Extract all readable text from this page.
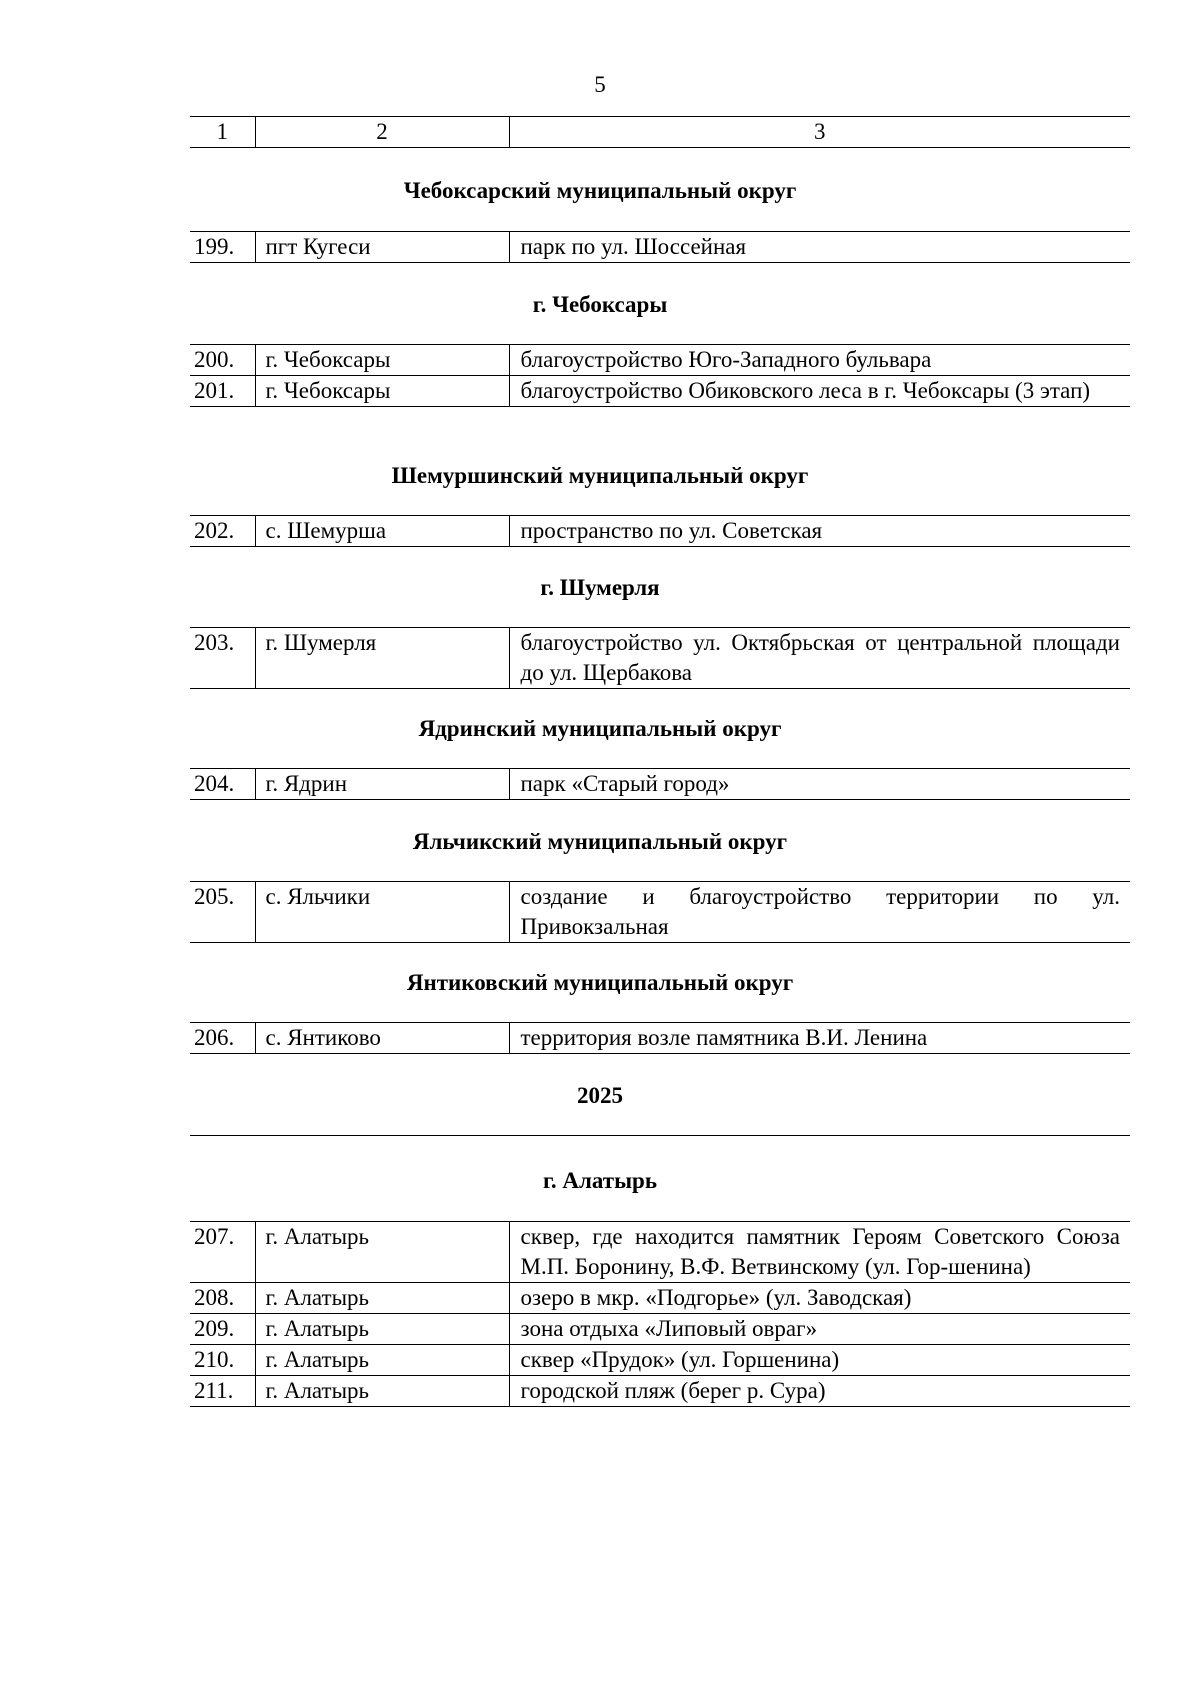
5
1	2	3
Чебоксарский муниципальный округ
199.	пгт Кугеси	парк по ул. Шоссейная
г. Чебоксары
200.	г. Чебоксары	благоустройство Юго-Западного бульвара
201.	г. Чебоксары	благоустройство Обиковского леса в г. Чебоксары (3 этап)
Шемуршинский муниципальный округ
202.	с. Шемурша	пространство по ул. Советская
г. Шумерля
203.	г. Шумерля	благоустройство ул. Октябрьская от центральной площади до ул. Щербакова
Ядринский муниципальный округ
204.	г. Ядрин	парк «Старый город»
Яльчикский муниципальный округ
205.	с. Яльчики	создание и благоустройство территории по ул. Привокзальная
Янтиковский муниципальный округ
206.	с. Янтиково	территория возле памятника В.И. Ленина
2025
г. Алатырь
207.	г. Алатырь	сквер, где находится памятник Героям Советского Союза М.П. Боронину, В.Ф. Ветвинскому (ул. Гор-шенина)
208.	г. Алатырь	озеро в мкр. «Подгорье» (ул. Заводская)
209.	г. Алатырь	зона отдыха «Липовый овраг»
210.	г. Алатырь	сквер «Прудок» (ул. Горшенина)
211.	г. Алатырь	городской пляж (берег р. Сура)
